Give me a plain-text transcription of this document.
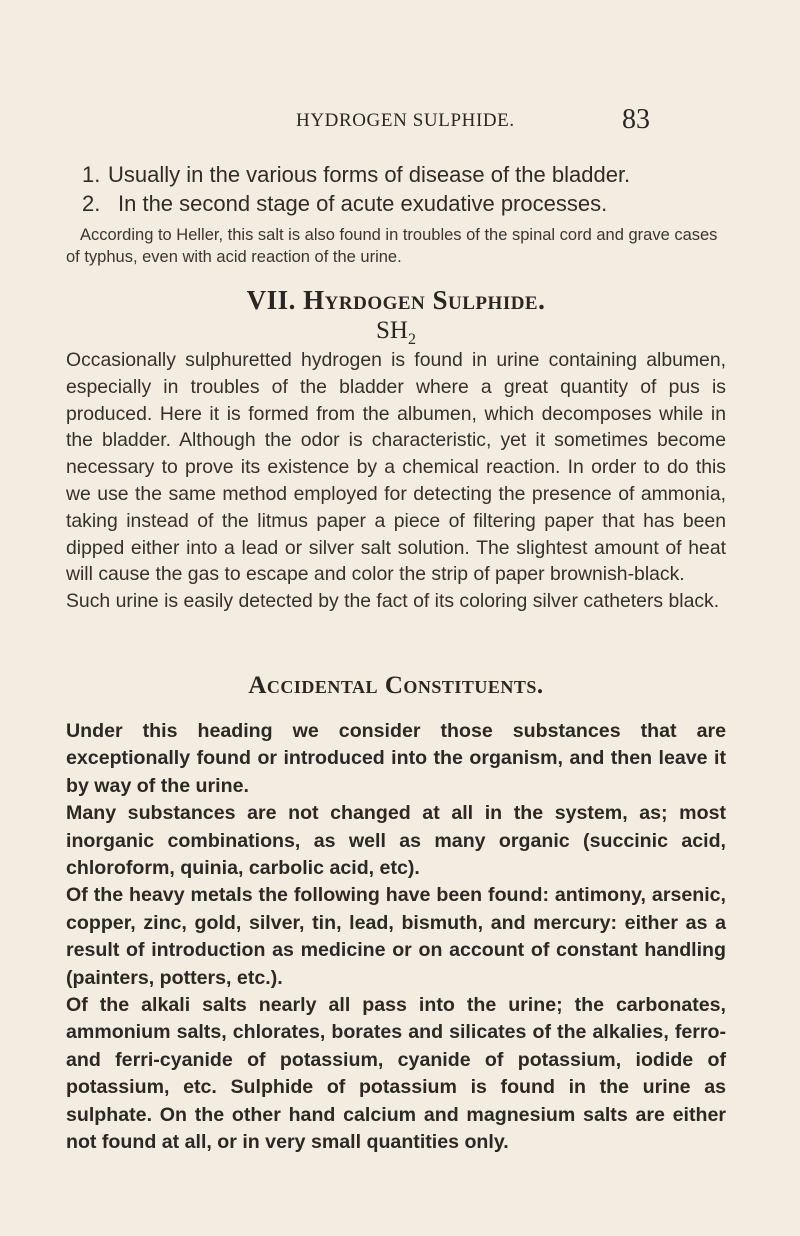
HYDROGEN SULPHIDE.	83

1. Usually in the various forms of disease of the bladder.

2. In the second stage of acute exudative processes.

According to Heller, this salt is also found in troubles of the spinal cord and grave cases of typhus, even with acid reaction of the urine.

VII. Hyrdogen Sulphide.

$SH_2$

Occasionally sulphuretted hydrogen is found in urine containing albumen, especially in troubles of the bladder where a great quantity of pus is produced. Here it is formed from the albumen, which decomposes while in the bladder. Although the odor is characteristic, yet it sometimes become necessary to prove its existence by a chemical reaction. In order to do this we use the same method employed for detecting the presence of ammonia, taking instead of the litmus paper a piece of filtering paper that has been dipped either into a lead or silver salt solution. The slightest amount of heat will cause the gas to escape and color the strip of paper brownish-black.

Such urine is easily detected by the fact of its coloring silver catheters black.

Accidental Constituents.

Under this heading we consider those substances that are exceptionally found or introduced into the organism, and then leave it by way of the urine.

Many substances are not changed at all in the system, as; most inorganic combinations, as well as many organic (succinic acid, chloroform, quinia, carbolic acid, etc).

Of the heavy metals the following have been found: antimony, arsenic, copper, zinc, gold, silver, tin, lead, bismuth, and mercury: either as a result of introduction as medicine or on account of constant handling (painters, potters, etc.).

Of the alkali salts nearly all pass into the urine; the carbonates, ammonium salts, chlorates, borates and silicates of the alkalies, ferro- and ferri-cyanide of potassium, cyanide of potassium, iodide of potassium, etc. Sulphide of potassium is found in the urine as sulphate. On the other hand calcium and magnesium salts are either not found at all, or in very small quantities only.
